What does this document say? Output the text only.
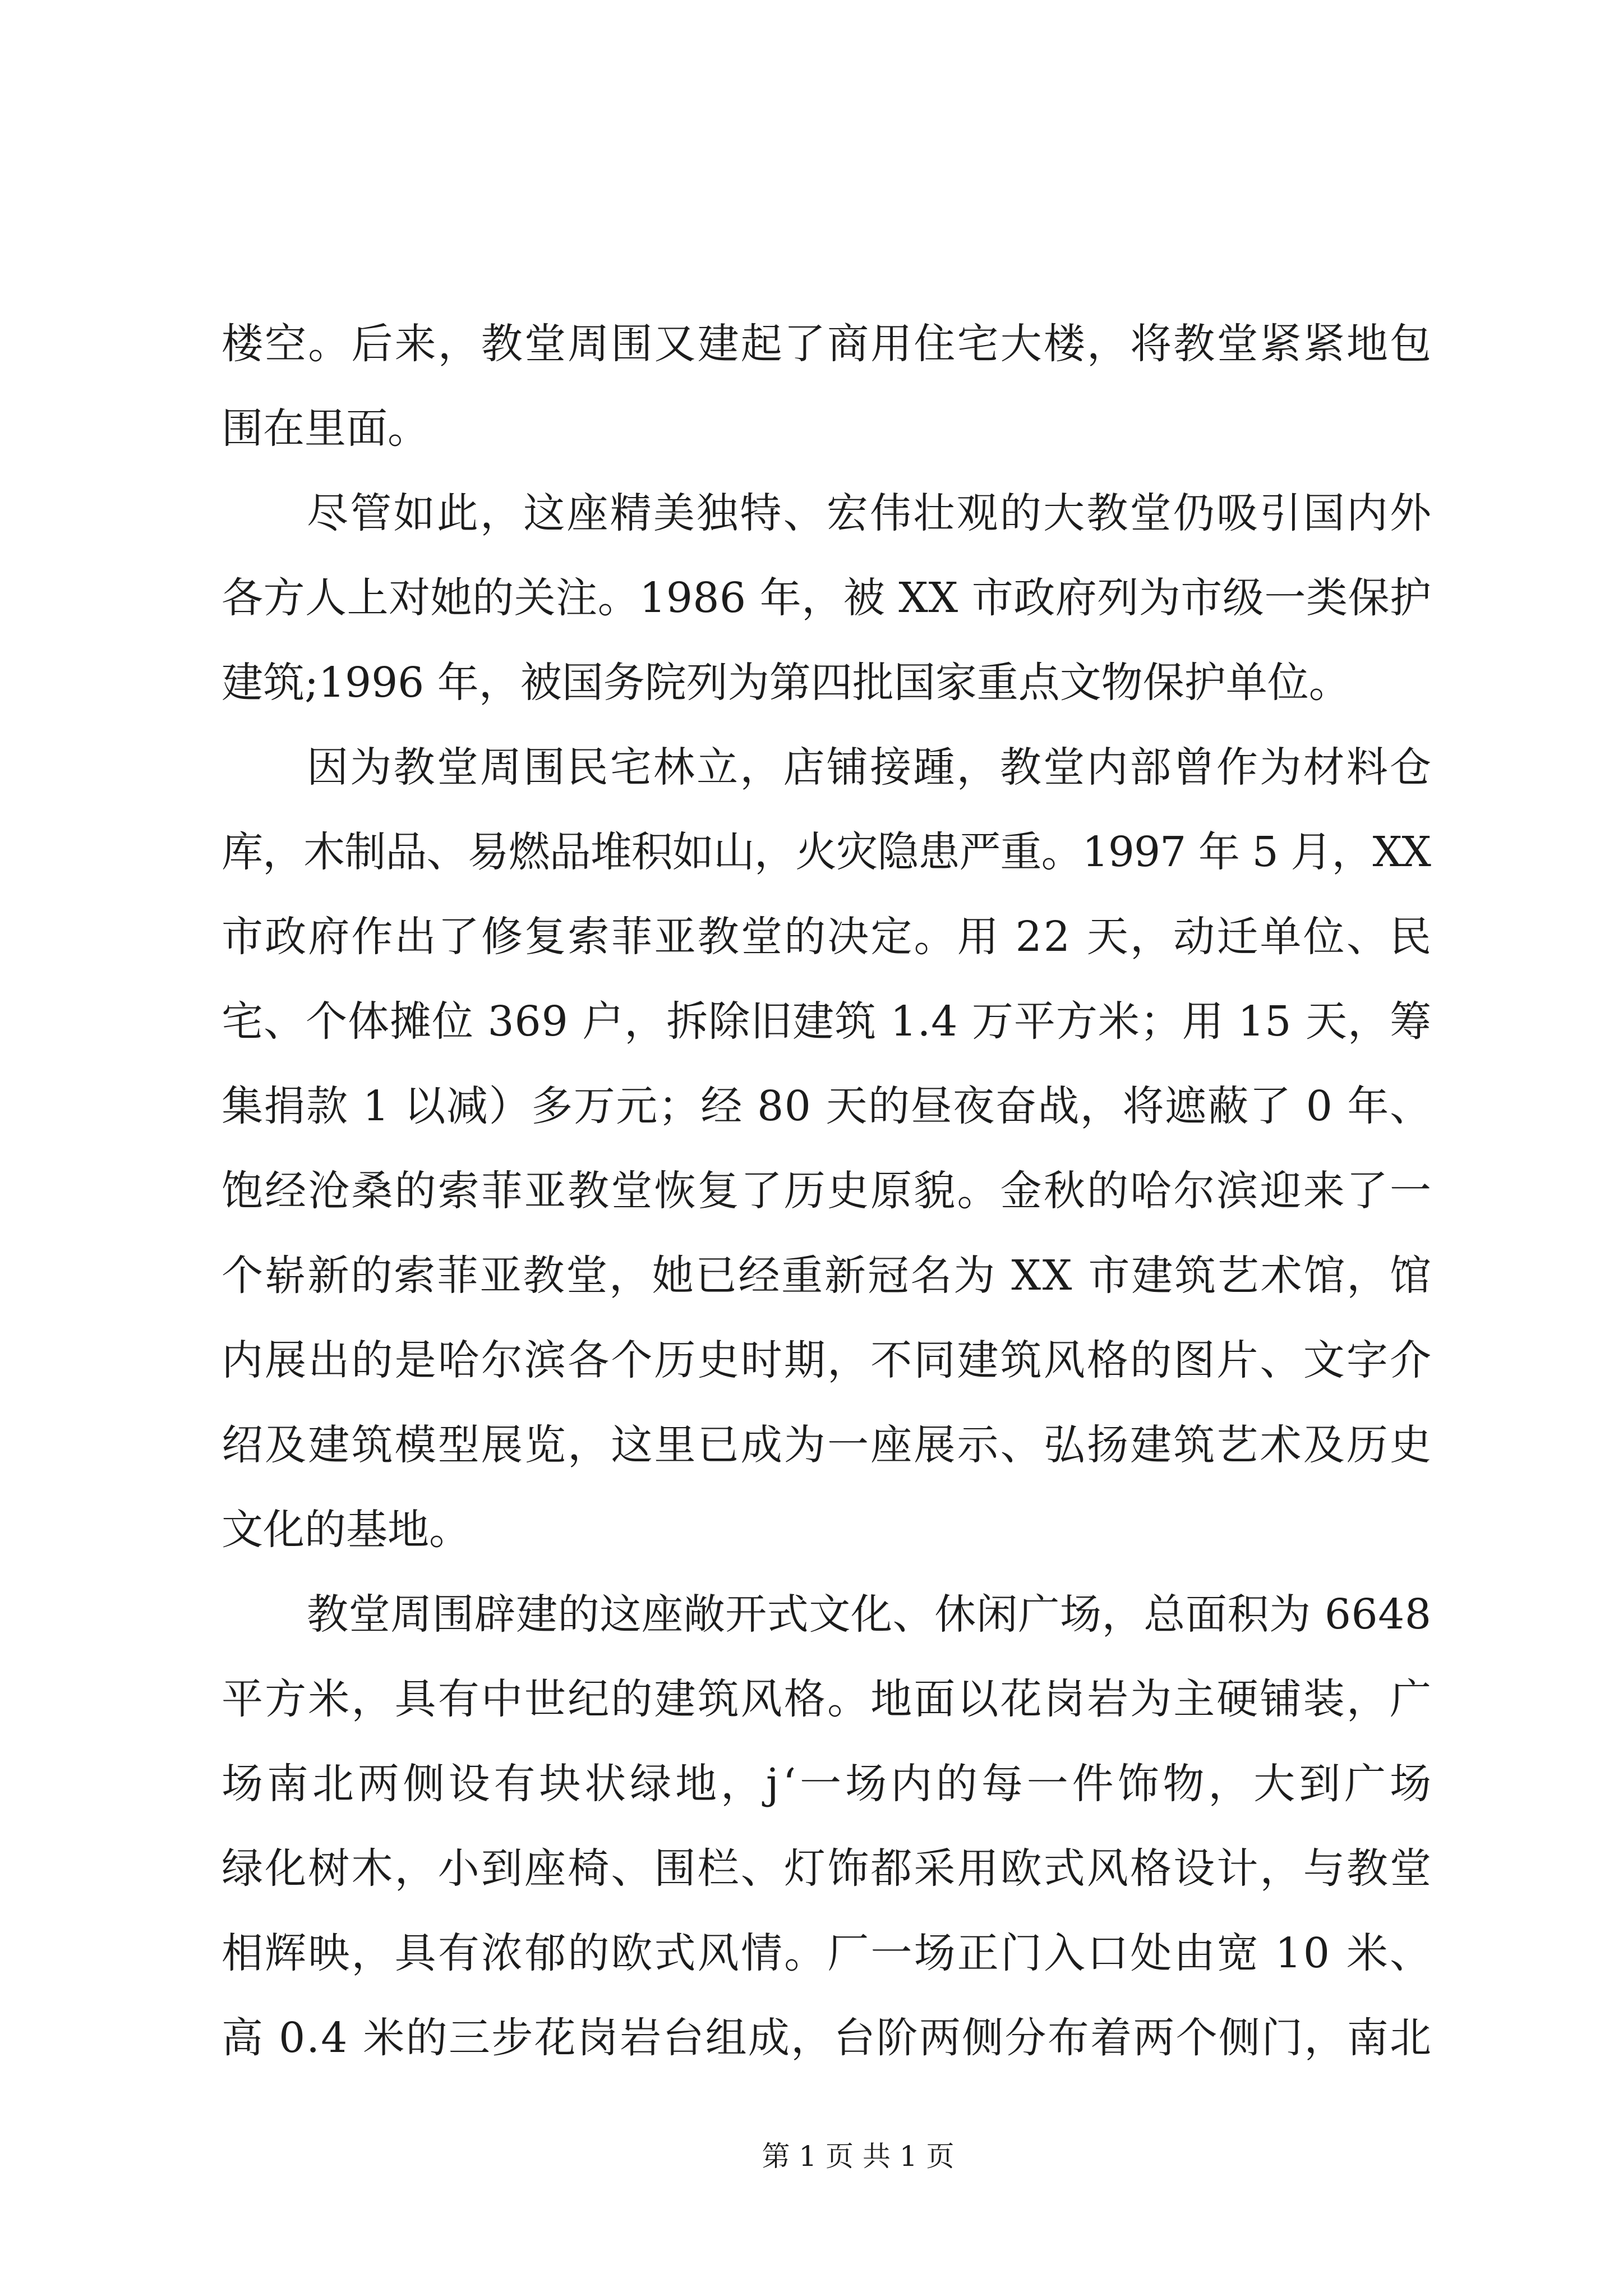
楼空。后来，教堂周围又建起了商用住宅大楼，将教堂紧紧地包
围在里面。
尽管如此，这座精美独特、宏伟壮观的大教堂仍吸引国内外
各方人上对她的关注。1986 年，被 XX 市政府列为市级一类保护
建筑;1996 年，被国务院列为第四批国家重点文物保护单位。
因为教堂周围民宅林立，店铺接踵，教堂内部曾作为材料仓
库，木制品、易燃品堆积如山，火灾隐患严重。1997 年 5 月，XX
市政府作出了修复索菲亚教堂的决定。用 22 天，动迁单位、民
宅、个体摊位 369 户，拆除旧建筑 1.4 万平方米；用 15 天，筹
集捐款 1 以减）多万元；经 80 天的昼夜奋战，将遮蔽了 0 年、
饱经沧桑的索菲亚教堂恢复了历史原貌。金秋的哈尔滨迎来了一
个崭新的索菲亚教堂，她已经重新冠名为 XX 市建筑艺术馆，馆
内展出的是哈尔滨各个历史时期，不同建筑风格的图片、文字介
绍及建筑模型展览，这里已成为一座展示、弘扬建筑艺术及历史
文化的基地。
教堂周围辟建的这座敞开式文化、休闲广场，总面积为 6648
平方米，具有中世纪的建筑风格。地面以花岗岩为主硬铺装，广
场南北两侧设有块状绿地，j‘一场内的每一件饰物，大到广场
绿化树木，小到座椅、围栏、灯饰都采用欧式风格设计，与教堂
相辉映，具有浓郁的欧式风情。厂一场正门入口处由宽 10 米、
高 0.4 米的三步花岗岩台组成，台阶两侧分布着两个侧门，南北
第 1 页 共 1 页
